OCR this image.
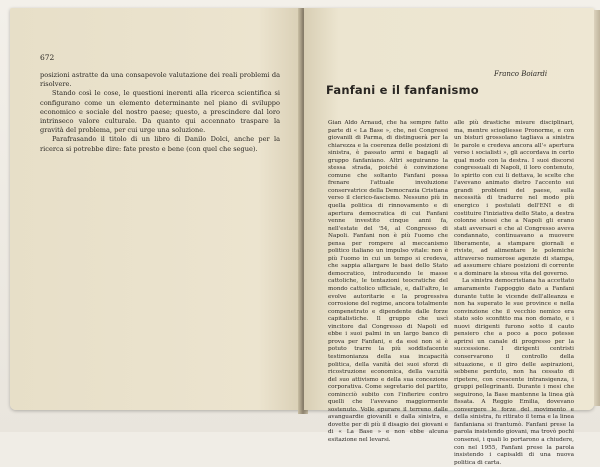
672

posizioni astratte da una consapevole valutazione dei reali problemi da risolvere.

Stando così le cose, le questioni inerenti alla ricerca scientifica si configurano come un elemento determinante nel piano di sviluppo economico e sociale del nostro paese; questo, a prescindere dal loro intrinseco valore culturale. Da quanto qui accennato traspare la gravità del problema, per cui urge una soluzione.

Parafrasando il titolo di un libro di Danilo Dolci, anche per la ricerca si potrebbe dire: fate presto e bene (con quel che segue).

Franco Boiardi
Fanfani e il fanfanismo

Gian Aldo Arnaud, che ha sempre fatto parte di « La Base », che, nei Congressi giovanili di Parma, di distinguerà per la chiarezza e la coerenza delle posizioni di sinistra, è passato armi e bagagli al gruppo fanfaniano. Altri seguiranno la stessa strada, poiché è convinzione comune che soltanto Fanfani possa frenare l'attuale involuzione conservatrice della Democrazia Cristiana verso il clerico-fascismo. Nessuno più in quella politica di rinnovamento e di apertura democratica di cui Fanfani venne investito cinque anni fa, nell'estate del '54, al Congresso di Napoli. Fanfani non è più l'uomo che pensa per rompere al meccanismo politico italiano un impulso vitale: non è più l'uomo in cui un tempo si credeva, che sappia allargare le basi dello Stato democratico, introducendo le masse cattoliche, le tentazioni teocratiche del mondo cattolico ufficiale, e, dall'altro, le evolve autoritarie e la progressiva corrosione del regime, ancora totalmente compenetrato e dipendente dalle forze capitalistiche. Il gruppo che uscì vincitore dal Congresso di Napoli ed ebbe i suoi palmi in un largo banco di prova per Fanfani, e da essi non si è potuto trarre la più soddisfacente testimonianza della sua incapacità politica, della vanità dei suoi sforzi di ricostruzione economica, della vacuità del suo attivismo e della sua concezione corporativa. Come segretario del partito, comincciò subito con l'infierire contro quelli che l'avevano maggiormente sostenuto. Volle epurare il terreno dalle avanguardie giovanili e dalla sinistra, e dovette per di più il disagio dei giovani e di « La Base » e non ebbe alcuna esitazione nel levarsi.

alle più drastiche misure disciplinari, ma, mentre sciogliesse Pronorme, e con un bisturi grossolano tagliava a sinistra le parole e credeva ancora all'« apertura verso i socialisti », gli accordava in certo qual modo con la destra. I suoi discorsi congressuali di Napoli, il loro contenuto, lo spirito con cui li dettava, le scelte che l'avevano animato dietro l'accento sui grandi problemi del paese, sulla necessità di tradurre nel modo più energico i postulati dell'ENI e di costituire l'iniziativa dello Stato, a destra colonne stessi che a Napoli gli erano stati avversari e che al Congresso aveva condannato, continuavano a muovere liberamente, a stampare giornali e riviste, ad alimentare le polemiche attraverso numerose agenzie di stampa, ad assumere chiare posizioni di corrente e a dominare la stessa vita del governo.

La sinistra democristiana ha accettato amaramente l'appoggio dato a Fanfani durante tutte le vicende dell'alleanza e non ha superato le sue province e nella convinzione che il vecchio nemico era stato solo sconfitto ma non domato, e i nuovi dirigenti furono sotto il cauto pensiero che a poco a poco potesse aprirsi un canale di progresso per la successione. I dirigenti centristi conservarono il controllo della situazione, e il giro delle aspirazioni, sebbene perduto, non ha cessato di ripetere, con crescente intransigenza, i gruppi pellegrinanti. Durante i mesi che seguirono, la Base mantenne la linea già fissata. A Reggio Emilia, dovevano convergere le forze del movimento e della sinistra, fu ritirato il tema e la linea fanfaniana si frantumò. Fanfani prese la parola insistendo giovani, ma trovò pochi consensi, i quali lo portarono a chiudere, con nel 1955, Fanfani prese la parola insistendo i capisaldi di una nuova politica di carta.
